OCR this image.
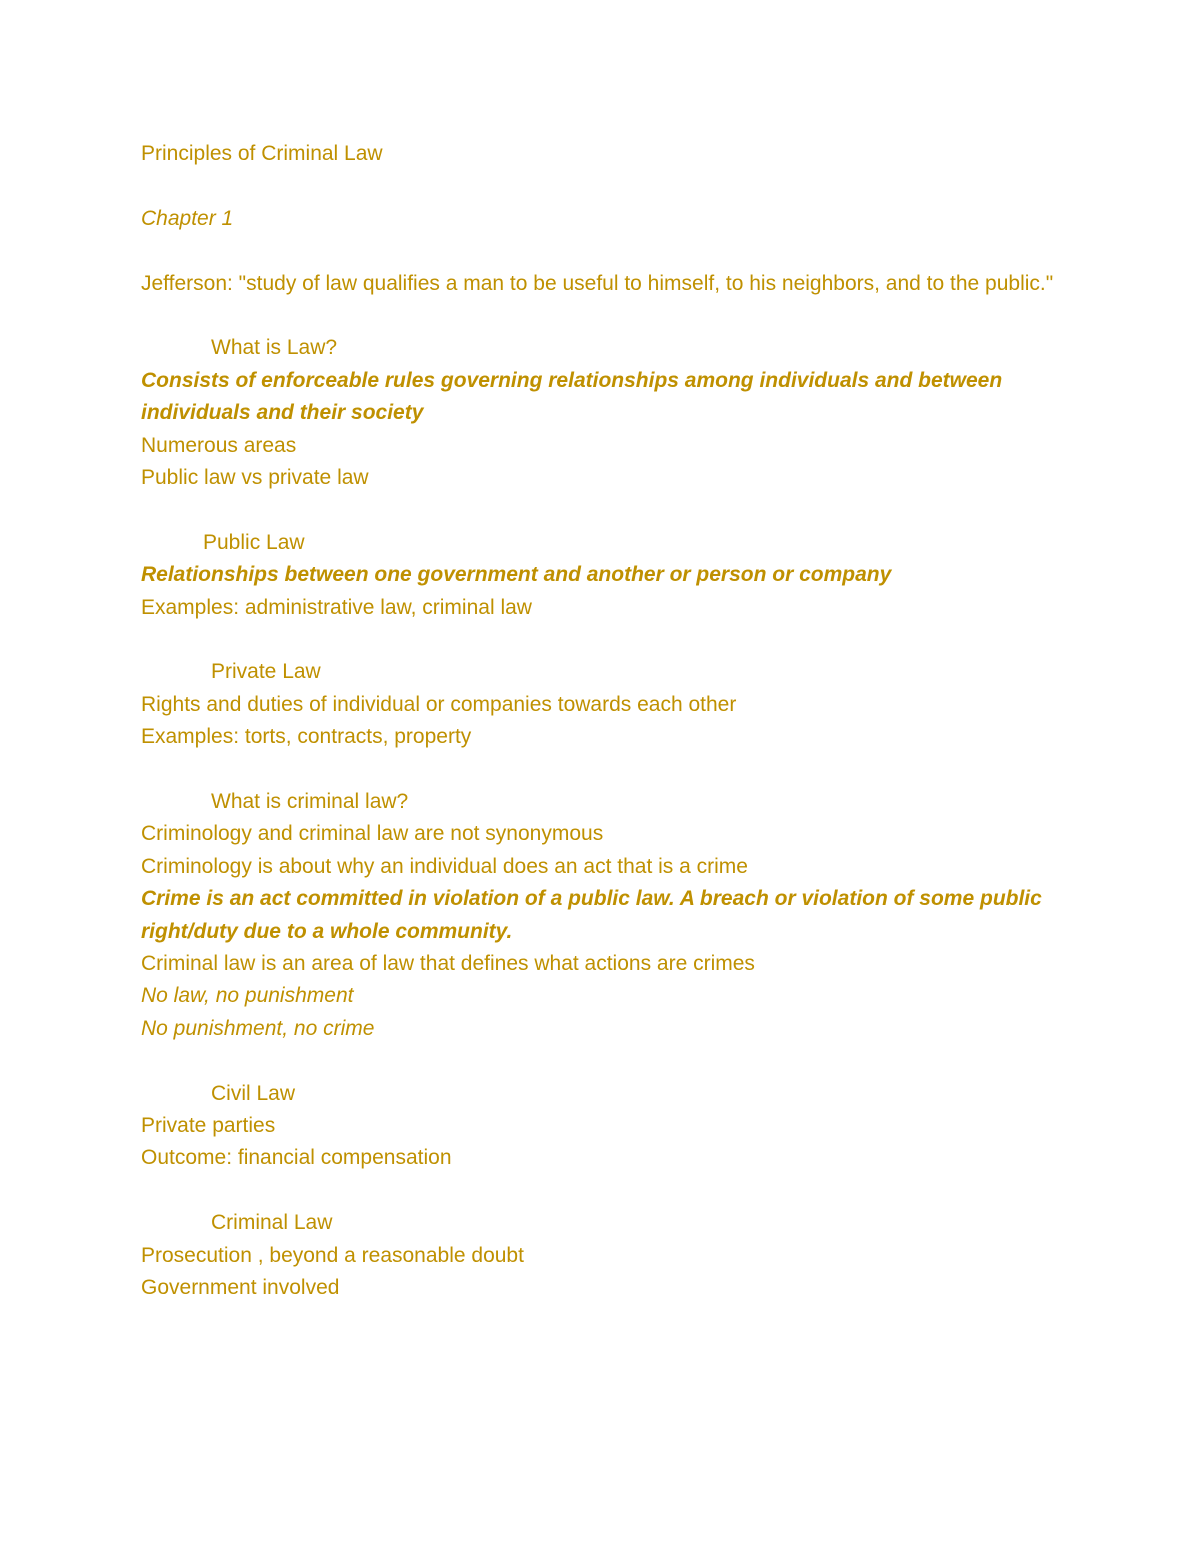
Principles of Criminal Law

Chapter 1

Jefferson: "study of law qualifies a man to be useful to himself, to his neighbors, and to the public."

What is Law?

Consists of enforceable rules governing relationships among individuals and between individuals and their society

Numerous areas

Public law vs private law

Public Law

Relationships between one government and another or person or company

Examples: administrative law, criminal law

Private Law

Rights and duties of individual or companies towards each other

Examples: torts, contracts, property

What is criminal law?

Criminology and criminal law are not synonymous

Criminology is about why an individual does an act that is a crime

Crime is an act committed in violation of a public law. A breach or violation of some public right/duty due to a whole community.

Criminal law is an area of law that defines what actions are crimes

No law, no punishment

No punishment, no crime

Civil Law

Private parties

Outcome: financial compensation

Criminal Law

Prosecution , beyond a reasonable doubt

Government involved
